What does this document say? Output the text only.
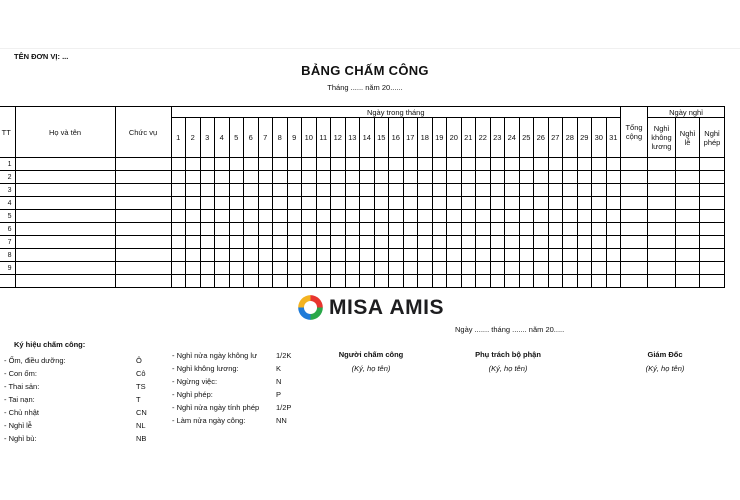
TÊN ĐƠN VỊ: ...
BẢNG CHẤM CÔNG
Tháng ...... năm 20......
TT	Họ và tên	Chức vụ	Ngày trong tháng																															Tổng cộng	Ngày nghỉ		
			1	2	3	4	5	6	7	8	9	10	11	12	13	14	15	16	17	18	19	20	21	22	23	24	25	26	27	28	29	30	31		Nghỉ không lương	Nghỉ lễ	Nghỉ phép
1																																					
2																																					
3																																					
4																																					
5																																					
6																																					
7																																					
8																																					
9																																					

MISA AMIS
Ngày ....... tháng ....... năm 20.....
Ký hiệu chấm công:
- Ốm, điều dưỡng:	Ô
- Con ốm:	Cô
- Thai sản:	TS
- Tai nạn:	T
- Chủ nhật	CN
- Nghỉ lễ	NL
- Nghỉ bù:	NB
- Nghỉ nửa ngày không lư	1/2K
- Nghỉ không lương:	K
- Ngừng việc:	N
- Nghỉ phép:	P
- Nghỉ nửa ngày tính phép	1/2P
- Làm nửa ngày công:	NN
Người chấm công
(Ký, họ tên)
Phụ trách bộ phận
(Ký, họ tên)
Giám Đốc
(Ký, họ tên)
